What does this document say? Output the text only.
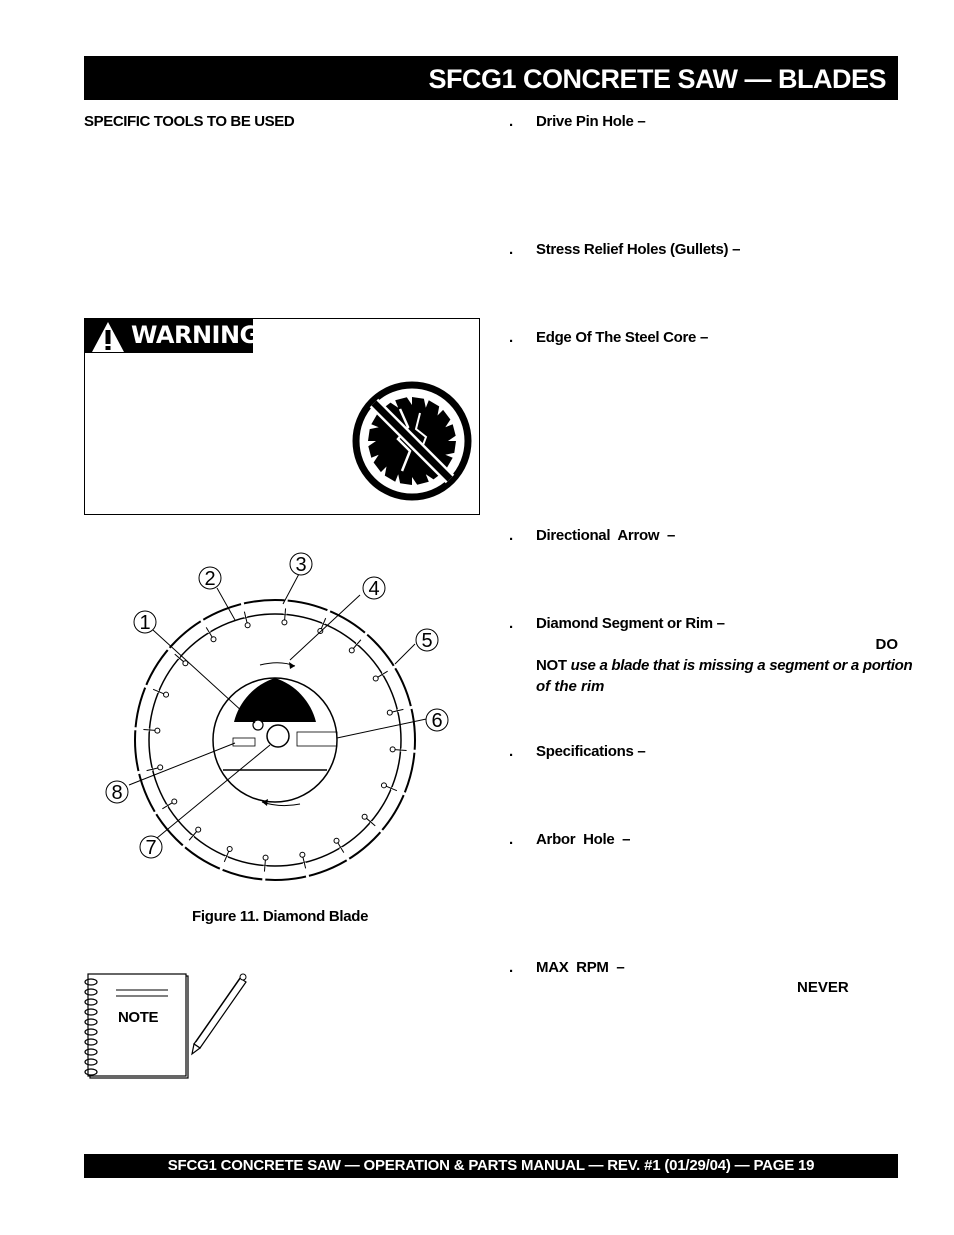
SFCG1 CONCRETE SAW — BLADES
SPECIFIC TOOLS TO BE USED
WARNING
1
2
3
4
5
6
7
8
Figure 11. Diamond Blade
NOTE
. Drive Pin Hole –
. Stress Relief Holes (Gullets) –
. Edge Of The Steel Core –
. Directional  Arrow  –
. Diamond Segment or Rim –
. Specifications –
. Arbor  Hole  –
. MAX  RPM  –
DO
NOT use a blade that is missing a segment or a portion
of the rim
NEVER
SFCG1 CONCRETE SAW — OPERATION & PARTS MANUAL — REV. #1 (01/29/04) — PAGE 19
